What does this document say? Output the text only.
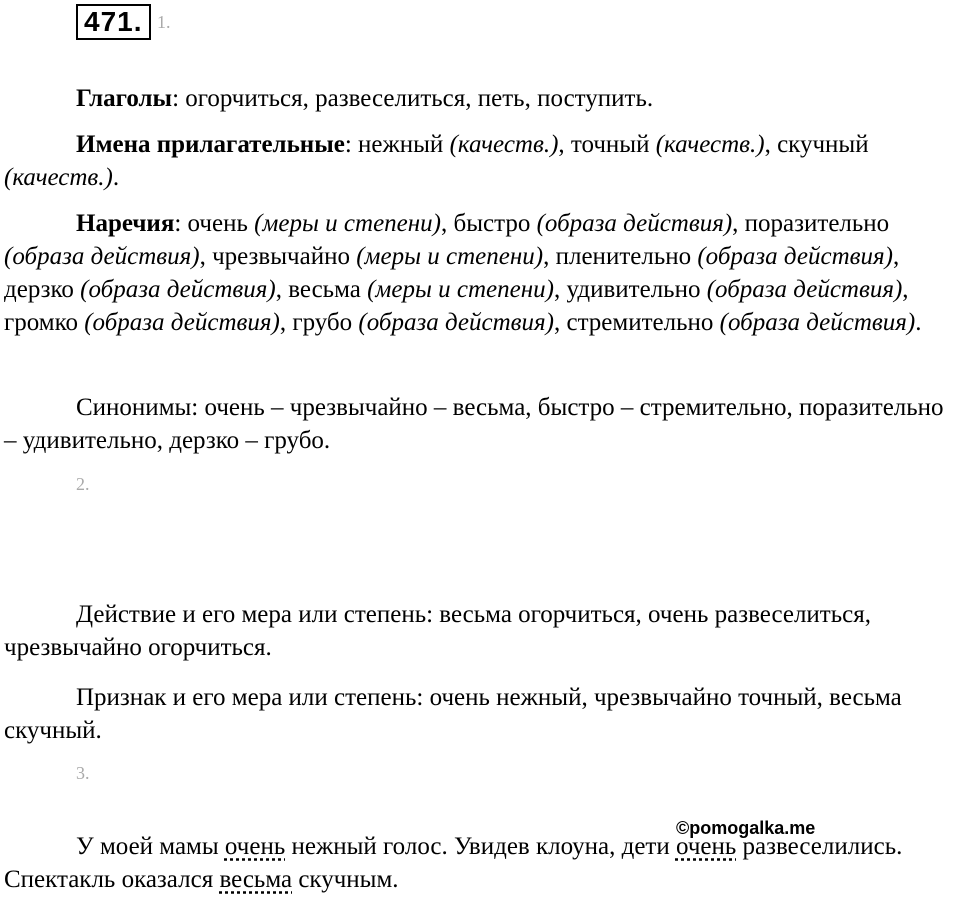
471. 1.

Глаголы: огорчиться, развеселиться, петь, поступить.

Имена прилагательные: нежный (качеств.), точный (качеств.), скучный (качеств.).

Наречия: очень (меры и степени), быстро (образа действия), поразительно (образа действия), чрезвычайно (меры и степени), пленительно (образа действия), дерзко (образа действия), весьма (меры и степени), удивительно (образа действия), громко (образа действия), грубо (образа действия), стремительно (образа действия).

Синонимы: очень – чрезвычайно – весьма, быстро – стремительно, поразительно – удивительно, дерзко – грубо.

2.

Действие и его мера или степень: весьма огорчиться, очень развеселиться, чрезвычайно огорчиться.

Признак и его мера или степень: очень нежный, чрезвычайно точный, весьма скучный.

3.

У моей мамы очень нежный голос. Увидев клоуна, дети очень развеселились. Спектакль оказался весьма скучным.

©pomogalka.me
